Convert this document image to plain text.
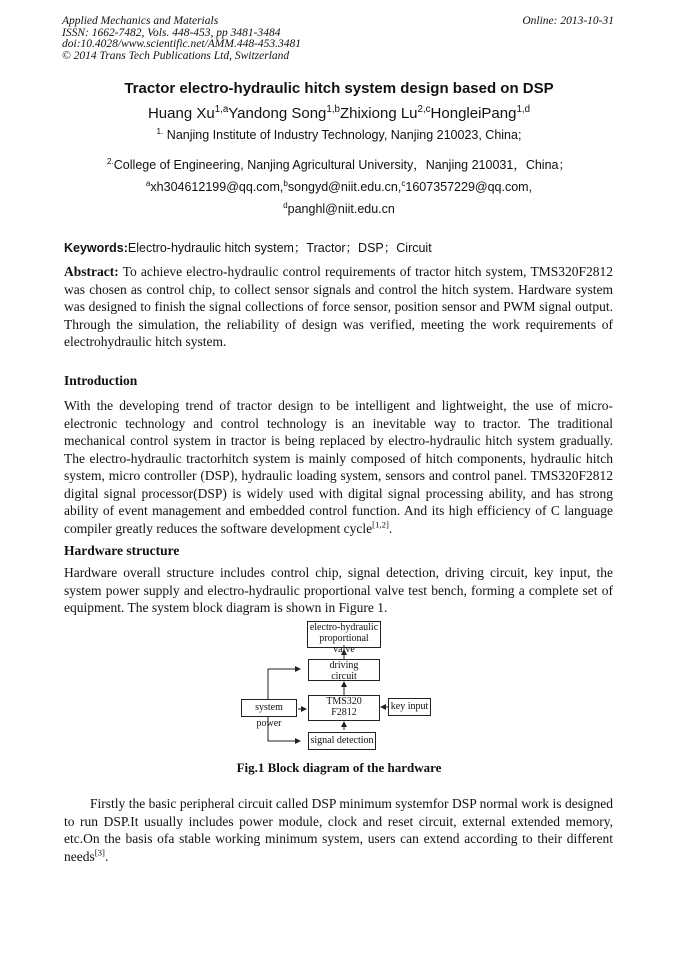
Applied Mechanics and Materials
ISSN: 1662-7482, Vols. 448-453, pp 3481-3484
doi:10.4028/www.scientific.net/AMM.448-453.3481
© 2014 Trans Tech Publications Ltd, Switzerland
Online: 2013-10-31
Tractor electro-hydraulic hitch system design based on DSP
Huang Xu$^{1,a}$Yandong Song$^{1,b}$Zhixiong Lu$^{2,c}$HongleiPang$^{1,d}$
$^{1.}$ Nanjing Institute of Industry Technology, Nanjing 210023, China;
$^{2.}$College of Engineering, Nanjing Agricultural University，Nanjing 210031，China；
$^a$xh304612199@qq.com,$^b$songyd@niit.edu.cn,$^c$1607357229@qq.com,
$^d$panghl@niit.edu.cn
Keywords:Electro-hydraulic hitch system；Tractor；DSP；Circuit
Abstract: To achieve electro-hydraulic control requirements of tractor hitch system, TMS320F2812 was chosen as control chip, to collect sensor signals and control the hitch system. Hardware system was designed to finish the signal collections of force sensor, position sensor and PWM signal output. Through the simulation, the reliability of design was verified, meeting the work requirements of electrohydraulic hitch system.
Introduction
With the developing trend of tractor design to be intelligent and lightweight, the use of micro-electronic technology and control technology is an inevitable way to tractor. The traditional mechanical control system in tractor is being replaced by electro-hydraulic hitch system gradually. The electro-hydraulic tractorhitch system is mainly composed of hitch components, hydraulic hitch system, micro controller (DSP), hydraulic loading system, sensors and control panel. TMS320F2812 digital signal processor(DSP) is widely used with digital signal processing ability, and has strong ability of event management and embedded control function. And its high efficiency of C language compiler greatly reduces the software development cycle[1,2].
Hardware structure
Hardware overall structure includes control chip, signal detection, driving circuit, key input, the system power supply and electro-hydraulic proportional valve test bench, forming a complete set of equipment. The system block diagram is shown in Figure 1.
electro-hydraulic
proportional valve
driving
circuit
system power
TMS320
F2812
key input
signal detection
Fig.1 Block diagram of the hardware
Firstly the basic peripheral circuit called DSP minimum systemfor DSP normal work is designed to run DSP.It usually includes power module, clock and reset circuit, external extended memory, etc.On the basis ofa stable working minimum system, users can extend according to their different needs[3].
